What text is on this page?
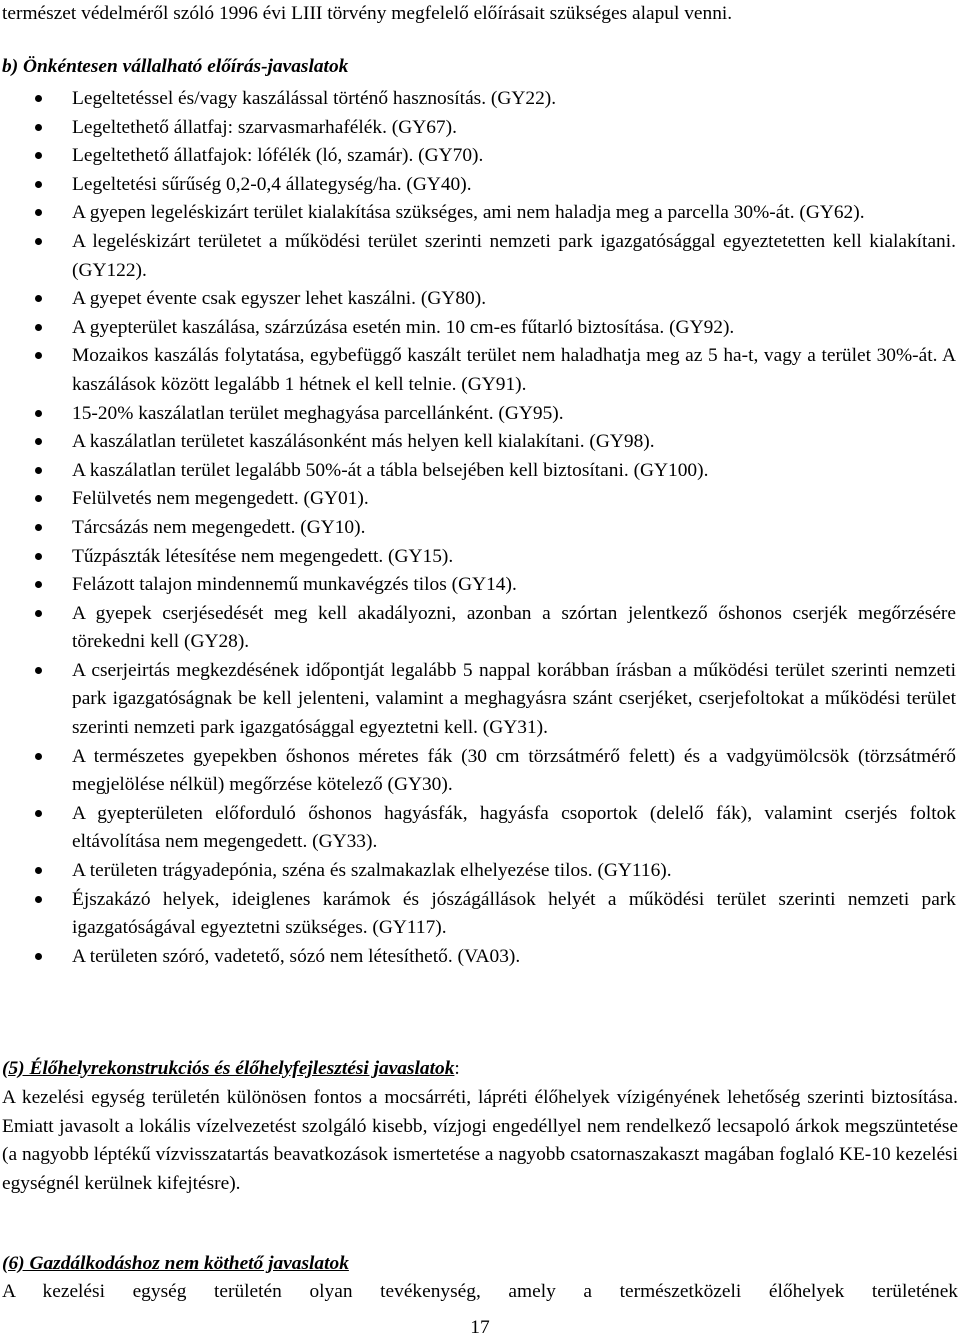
természet védelméről szóló 1996 évi LIII törvény megfelelő előírásait szükséges alapul venni.
b) Önkéntesen vállalható előírás-javaslatok
Legeltetéssel és/vagy kaszálással történő hasznosítás. (GY22).
Legeltethető állatfaj: szarvasmarhafélék. (GY67).
Legeltethető állatfajok: lófélék (ló, szamár). (GY70).
Legeltetési sűrűség 0,2-0,4 állategység/ha. (GY40).
A gyepen legeléskizárt terület kialakítása szükséges, ami nem haladja meg a parcella 30%-át. (GY62).
A legeléskizárt területet a működési terület szerinti nemzeti park igazgatósággal egyeztetetten kell kialakítani. (GY122).
A gyepet évente csak egyszer lehet kaszálni. (GY80).
A gyepterület kaszálása, szárzúzása esetén min. 10 cm-es fűtarló biztosítása. (GY92).
Mozaikos kaszálás folytatása, egybefüggő kaszált terület nem haladhatja meg az 5 ha-t, vagy a terület 30%-át. A kaszálások között legalább 1 hétnek el kell telnie. (GY91).
15-20% kaszálatlan terület meghagyása parcellánként. (GY95).
A kaszálatlan területet kaszálásonként más helyen kell kialakítani. (GY98).
A kaszálatlan terület legalább 50%-át a tábla belsejében kell biztosítani. (GY100).
Felülvetés nem megengedett. (GY01).
Tárcsázás nem megengedett. (GY10).
Tűzpászták létesítése nem megengedett. (GY15).
Felázott talajon mindennemű munkavégzés tilos (GY14).
A gyepek cserjésedését meg kell akadályozni, azonban a szórtan jelentkező őshonos cserjék megőrzésére törekedni kell (GY28).
A cserjeirtás megkezdésének időpontját legalább 5 nappal korábban írásban a működési terület szerinti nemzeti park igazgatóságnak be kell jelenteni, valamint a meghagyásra szánt cserjéket, cserjefoltokat a működési terület szerinti nemzeti park igazgatósággal egyeztetni kell. (GY31).
A természetes gyepekben őshonos méretes fák (30 cm törzsátmérő felett) és a vadgyümölcsök (törzsátmérő megjelölése nélkül) megőrzése kötelező (GY30).
A gyepterületen előforduló őshonos hagyásfák, hagyásfa csoportok (delelő fák), valamint cserjés foltok eltávolítása nem megengedett. (GY33).
A területen trágyadepónia, széna és szalmakazlak elhelyezése tilos. (GY116).
Éjszakázó helyek, ideiglenes karámok és jószágállások helyét a működési terület szerinti nemzeti park igazgatóságával egyeztetni szükséges. (GY117).
A területen szóró, vadetető, sózó nem létesíthető. (VA03).
(5) Élőhelyrekonstrukciós és élőhelyfejlesztési javaslatok:
A kezelési egység területén különösen fontos a mocsárréti, lápréti élőhelyek vízigényének lehetőség szerinti biztosítása. Emiatt javasolt a lokális vízelvezetést szolgáló kisebb, vízjogi engedéllyel nem rendelkező lecsapoló árkok megszüntetése (a nagyobb léptékű vízvisszatartás beavatkozások ismertetése a nagyobb csatornaszakaszt magában foglaló KE-10 kezelési egységnél kerülnek kifejtésre).
(6) Gazdálkodáshoz nem köthető javaslatok
A kezelési egység területén olyan tevékenység, amely a természetközeli élőhelyek területének
17
